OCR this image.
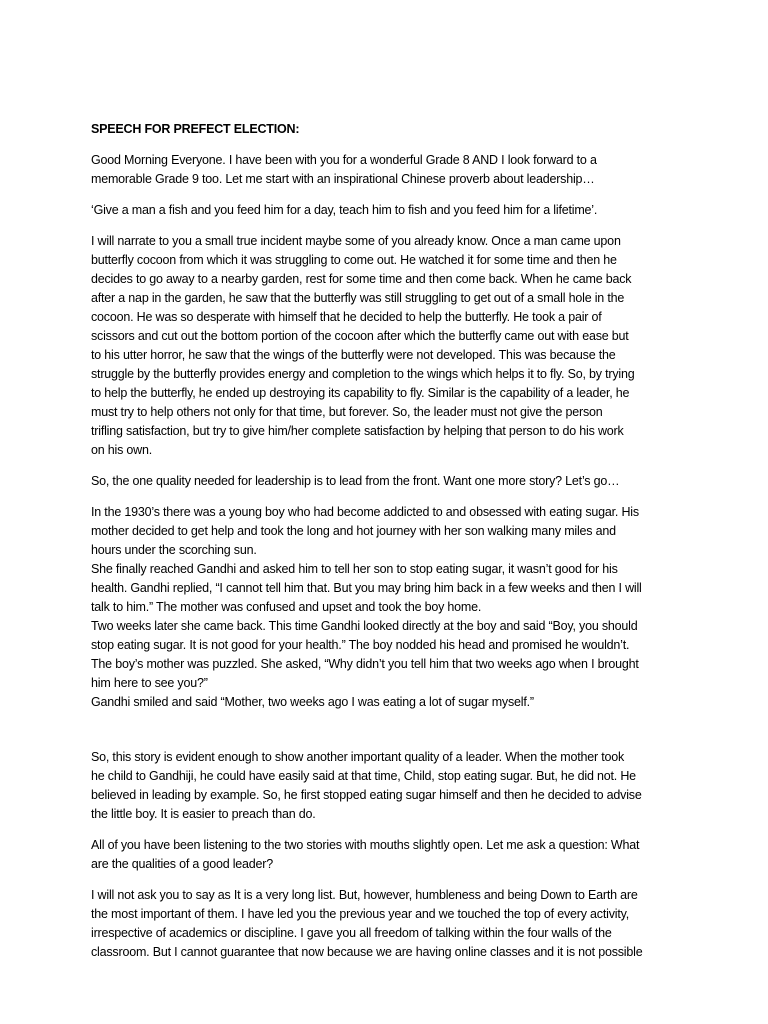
SPEECH FOR PREFECT ELECTION:
Good Morning Everyone. I have been with you for a wonderful Grade 8 AND I look forward to a
memorable Grade 9 too. Let me start with an inspirational Chinese proverb about leadership…
‘Give a man a fish and you feed him for a day, teach him to fish and you feed him for a lifetime’.
I will narrate to you a small true incident maybe some of you already know. Once a man came upon
butterfly cocoon from which it was struggling to come out. He watched it for some time and then he
decides to go away to a nearby garden, rest for some time and then come back. When he came back
after a nap in the garden, he saw that the butterfly was still struggling to get out of a small hole in the
cocoon. He was so desperate with himself that he decided to help the butterfly. He took a pair of
scissors and cut out the bottom portion of the cocoon after which the butterfly came out with ease but
to his utter horror, he saw that the wings of the butterfly were not developed. This was because the
struggle by the butterfly provides energy and completion to the wings which helps it to fly. So, by trying
to help the butterfly, he ended up destroying its capability to fly. Similar is the capability of a leader, he
must try to help others not only for that time, but forever. So, the leader must not give the person
trifling satisfaction, but try to give him/her complete satisfaction by helping that person to do his work
on his own.
So, the one quality needed for leadership is to lead from the front. Want one more story? Let’s go…
In the 1930’s there was a young boy who had become addicted to and obsessed with eating sugar. His
mother decided to get help and took the long and hot journey with her son walking many miles and
hours under the scorching sun.
She finally reached Gandhi and asked him to tell her son to stop eating sugar, it wasn’t good for his
health. Gandhi replied, “I cannot tell him that. But you may bring him back in a few weeks and then I will
talk to him.” The mother was confused and upset and took the boy home.
Two weeks later she came back. This time Gandhi looked directly at the boy and said “Boy, you should
stop eating sugar. It is not good for your health.” The boy nodded his head and promised he wouldn’t.
The boy’s mother was puzzled. She asked, “Why didn’t you tell him that two weeks ago when I brought
him here to see you?”
Gandhi smiled and said “Mother, two weeks ago I was eating a lot of sugar myself.”
So, this story is evident enough to show another important quality of a leader. When the mother took
he child to Gandhiji, he could have easily said at that time, Child, stop eating sugar. But, he did not. He
believed in leading by example. So, he first stopped eating sugar himself and then he decided to advise
the little boy. It is easier to preach than do.
All of you have been listening to the two stories with mouths slightly open. Let me ask a question: What
are the qualities of a good leader?
I will not ask you to say as It is a very long list. But, however, humbleness and being Down to Earth are
the most important of them. I have led you the previous year and we touched the top of every activity,
irrespective of academics or discipline. I gave you all freedom of talking within the four walls of the
classroom. But I cannot guarantee that now because we are having online classes and it is not possible
